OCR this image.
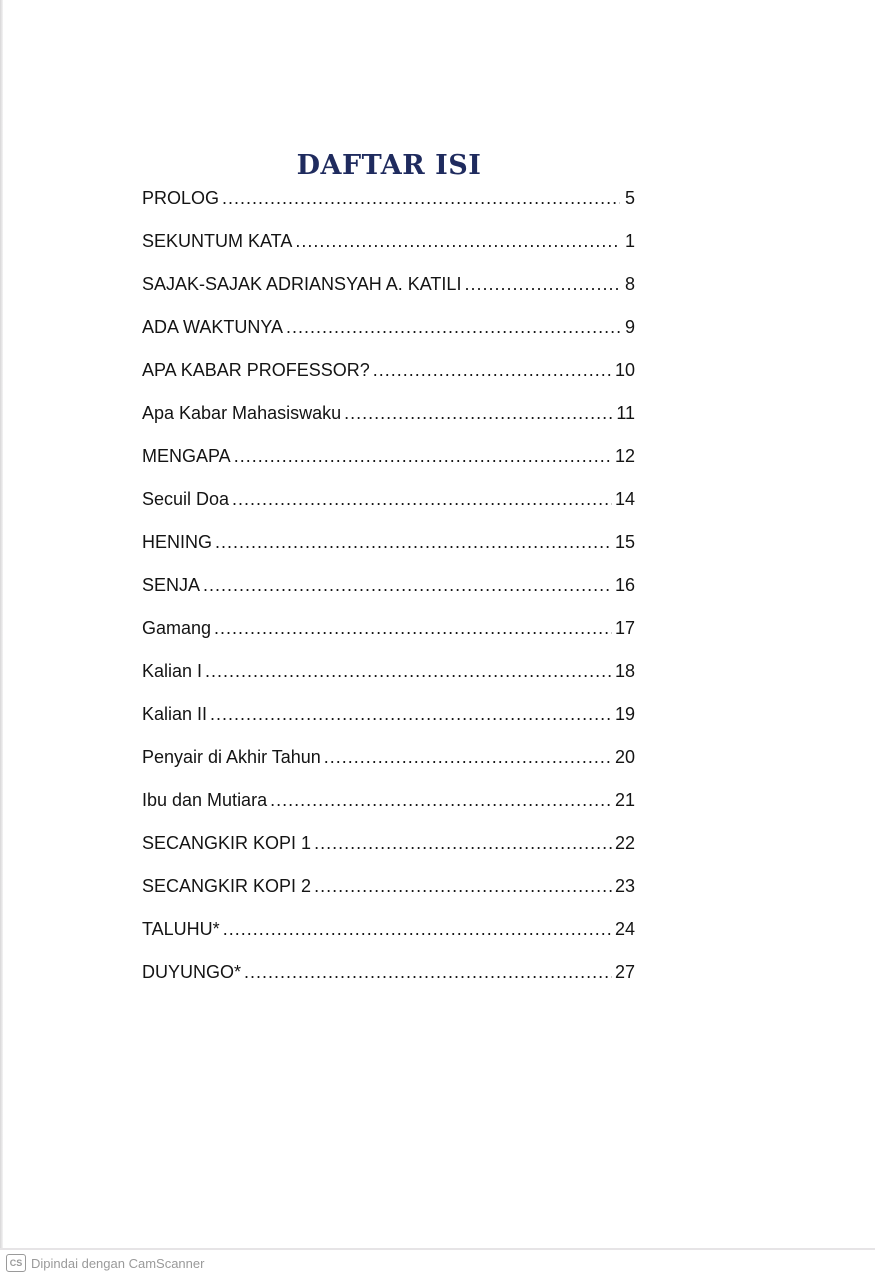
DAFTAR ISI
PROLOG .....	5
SEKUNTUM KATA .....	1
SAJAK-SAJAK ADRIANSYAH A. KATILI .....	8
ADA WAKTUNYA .....	9
APA KABAR PROFESSOR? .....	10
Apa Kabar Mahasiswaku .....	11
MENGAPA .....	12
Secuil Doa .....	14
HENING .....	15
SENJA .....	16
Gamang .....	17
Kalian I .....	18
Kalian II .....	19
Penyair di Akhir Tahun .....	20
Ibu dan Mutiara .....	21
SECANGKIR KOPI 1 .....	22
SECANGKIR KOPI 2 .....	23
TALUHU* .....	24
DUYUNGO* .....	27
CS Dipindai dengan CamScanner
